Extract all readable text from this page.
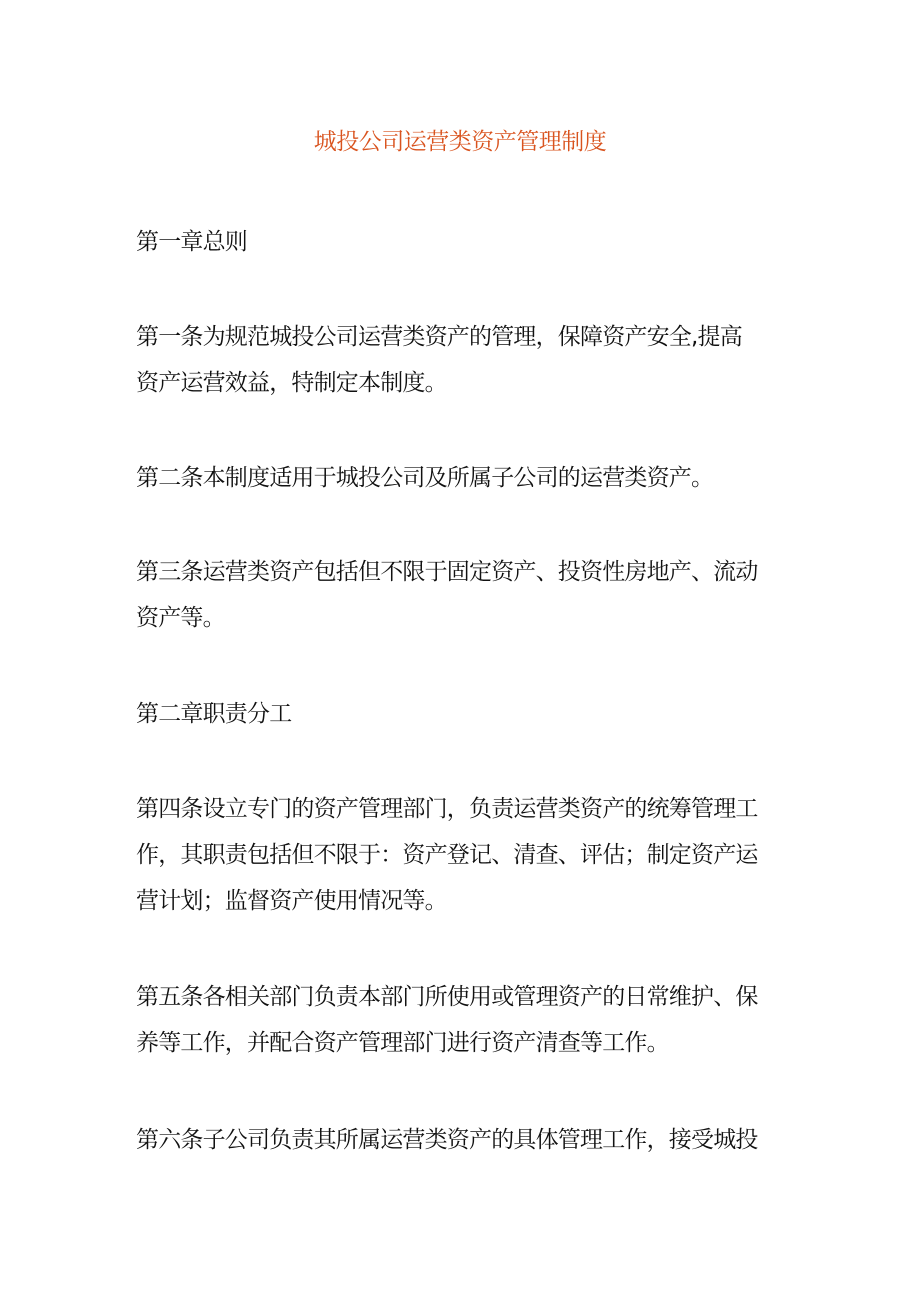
城投公司运营类资产管理制度

第一章总则

第一条为规范城投公司运营类资产的管理，保障资产安全,提高
资产运营效益，特制定本制度。

第二条本制度适用于城投公司及所属子公司的运营类资产。

第三条运营类资产包括但不限于固定资产、投资性房地产、流动
资产等。

第二章职责分工

第四条设立专门的资产管理部门，负责运营类资产的统筹管理工
作，其职责包括但不限于：资产登记、清查、评估；制定资产运
营计划；监督资产使用情况等。

第五条各相关部门负责本部门所使用或管理资产的日常维护、保
养等工作，并配合资产管理部门进行资产清查等工作。

第六条子公司负责其所属运营类资产的具体管理工作，接受城投
